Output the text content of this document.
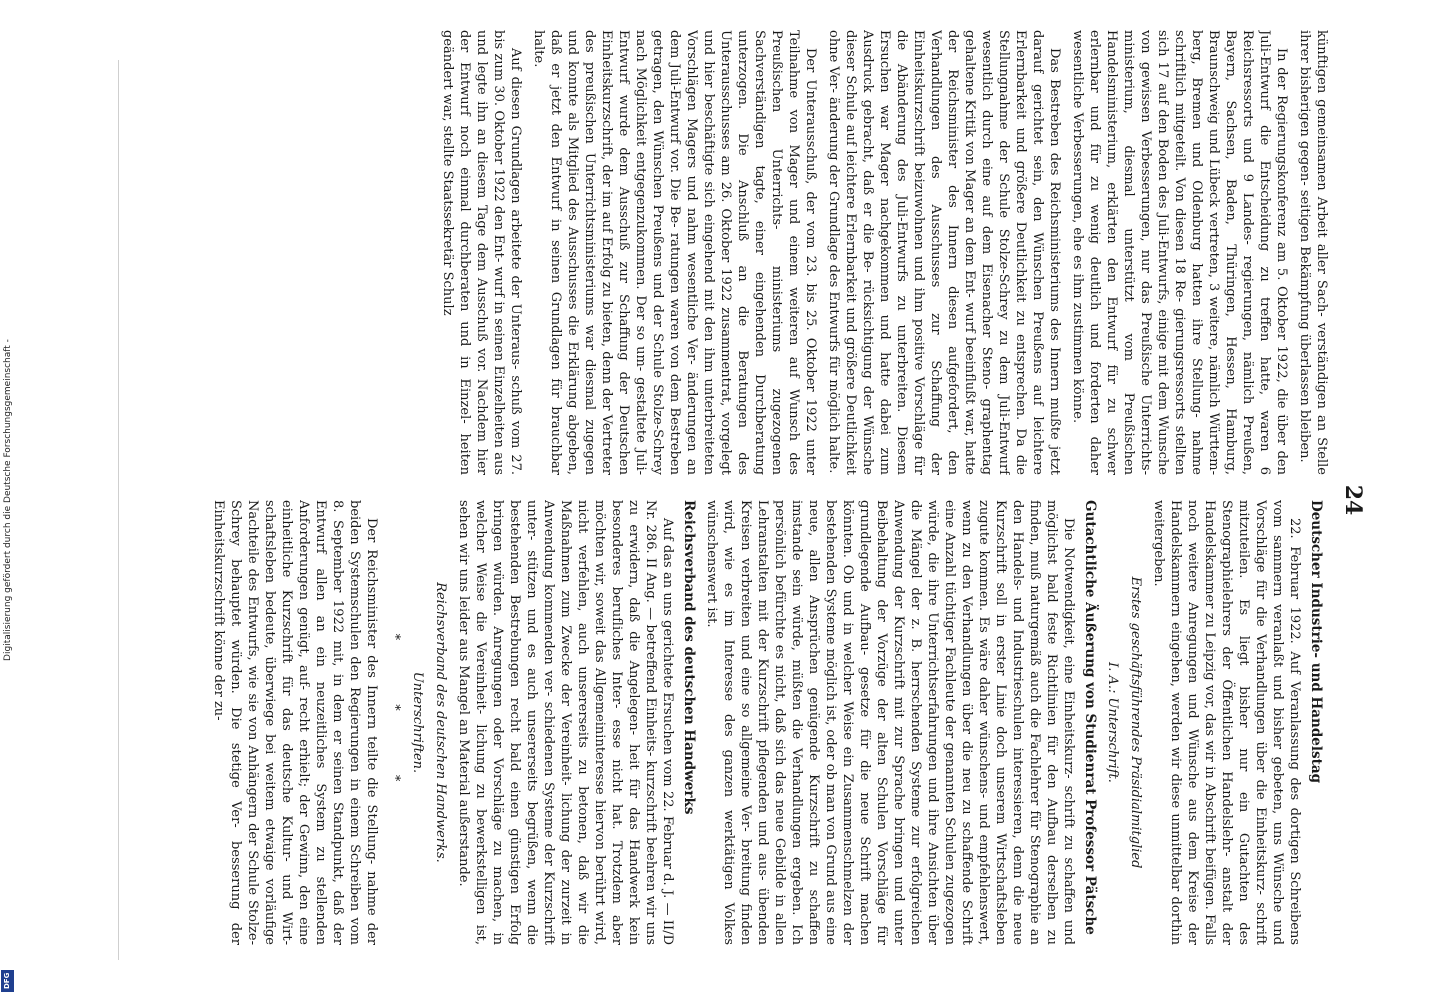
Digitalisierung gefördert durch die Deutsche Forschungsgemeinschaft -
DFG
24

künftigen gemeinsamen Arbeit aller Sach- verständigen an Stelle ihrer bisherigen gegen- seitigen Bekämpfung überlassen bleiben.

In der Regierungskonferenz am 5. Oktober 1922, die über den Juli-Entwurf die Entscheidung zu treffen hatte, waren 6 Reichsressorts und 9 Landes- regierungen, nämlich Preußen, Bayern, Sachsen, Baden, Thüringen, Hessen, Hamburg, Braunschweig und Lübeck vertreten, 3 weitere, nämlich Württem- berg, Bremen und Oldenburg hatten ihre Stellung- nahme schriftlich mitgeteilt. Von diesen 18 Re- gierungsressorts stellten sich 17 auf den Boden des Juli-Entwurfs, einige mit dem Wunsche von gewissen Verbesserungen, nur das Preußische Unterrichts- ministerium, diesmal unterstützt vom Preußischen Handelsministerium, erklärten den Entwurf für zu schwer erlernbar und für zu wenig deutlich und forderten daher wesentliche Verbesserungen, ehe es ihm zustimmen könne.

Das Bestreben des Reichsministeriums des Innern mußte jetzt darauf gerichtet sein, den Wünschen Preußens auf leichtere Erlernbarkeit und größere Deutlichkeit zu entsprechen. Da die Stellungnahme der Schule Stolze-Schrey zu dem Juli-Entwurf wesentlich durch eine auf dem Eisenacher Steno- graphentag gehaltene Kritik von Mager an dem Ent- wurf beeinflußt war, hatte der Reichsminister des Innern diesen aufgefordert, den Verhandlungen des Ausschusses zur Schaffung der Einheitskurzschrift beizuwohnen und ihm positive Vorschläge für die Abänderung des Juli-Entwurfs zu unterbreiten. Diesem Ersuchen war Mager nachgekommen und hatte dabei zum Ausdruck gebracht, daß er die Be- rücksichtigung der Wünsche dieser Schule auf leichtere Erlernbarkeit und größere Deutlichkeit ohne Ver- änderung der Grundlage des Entwurfs für möglich halte.

Der Unterausschuß, der vom 23. bis 25. Oktober 1922 unter Teilnahme von Mager und einem weiteren auf Wunsch des Preußischen Unterrichts- ministeriums zugezogenen Sachverständigen tagte, einer eingehenden Durchberatung unterzogen. Die Anschluß an die Beratungen des Unterausschusses am 26. Oktober 1922 zusammentrat, vorgelegt und hier beschäftigte sich eingehend mit den ihm unterbreiteten Vorschlägen Magers und nahm wesentliche Ver- änderungen an dem Juli-Entwurf vor. Die Be- ratungen waren von dem Bestreben getragen, den Wünschen Preußens und der Schule Stolze-Schrey nach Möglichkeit entgegenzukommen. Der so um- gestaltete Juli-Entwurf wurde dem Ausschuß zur Schaffung der Deutschen Einheitskurzschrift, der im auf Erfolg zu bieten, denn der Vertreter des preußischen Unterrichtsministeriums war diesmal zugegen und konnte als Mitglied des Ausschusses die Erklärung abgeben, daß er jetzt den Entwurf in seinen Grundlagen für brauchbar halte.

Auf diesen Grundlagen arbeitete der Unteraus- schuß vom 27. bis zum 30. Oktober 1922 den Ent- wurf in seinen Einzelheiten aus und legte ihn an diesem Tage dem Ausschuß vor. Nachdem hier der Entwurf noch einmal durchberaten und in Einzel- heiten geändert war, stellte Staatssekretär Schulz

Deutscher Industrie- und Handelstag

22. Februar 1922. Auf Veranlassung des dortigen Schreibens vom sammern veranlaßt und bisher gebeten, uns Wünsche und Vorschläge für die Verhandlungen über die Einheitskurz- schrift mitzuteilen. Es liegt bisher nur ein Gutachten des Stenographielehrers der Öffentlichen Handelslehr- anstalt der Handelskammer zu Leipzig vor, das wir in Abschrift beifügen. Falls noch weitere Anregungen und Wünsche aus dem Kreise der Handelskammern eingehen, werden wir diese unmittelbar dorthin weitergeben.

Erstes geschäftsführendes Präsidialmitglied

I. A.: Unterschrift.

Gutachtliche Äußerung von Studienrat Professor Pätsche

Die Notwendigkeit, eine Einheitskurz- schrift zu schaffen und möglichst bald feste Richtlinien für den Aufbau derselben zu finden, muß naturgemäß auch die Fachlehrer für Stenographie an den Handels- und Industrieschulen interessieren, denn die neue Kurzschrift soll in erster Linie doch unserem Wirtschaftsleben zugute kommen. Es wäre daher wünschens- und empfehlenswert, wenn zu den Verhandlungen über die neu zu schaffende Schrift eine Anzahl tüchtiger Fachleute der genannten Schulen zugezogen würde, die ihre Unterrichtserfahrungen und ihre Ansichten über die Mängel der z. B. herrschenden Systeme zur erfolgreichen Anwendung der Kurzschrift mit zur Sprache bringen und unter Beibehaltung der Vorzüge der alten Schulen Vorschläge für grundlegende Aufbau- gesetze für die neue Schrift machen könnten. Ob und in welcher Weise ein Zusammenschmelzen der bestehenden Systeme möglich ist, oder ob man von Grund aus eine neue, allen Ansprüchen genügende Kurzschrift zu schaffen imstande sein würde, müßten die Verhandlungen ergeben. Ich persönlich befürchte es nicht, daß sich das neue Gebilde in allen Lehranstalten mit der Kurzschrift pflegenden und aus- übenden Kreisen verbreiten und eine so allgemeine Ver- breitung finden wird, wie es im Interesse des ganzen werktätigen Volkes wünschenswert ist.

Reichsverband des deutschen Handwerks

Auf das an uns gerichtete Ersuchen vom 22. Februar d. J. — II/D Nr. 286. II Ang. — betreffend Einheits- kurzschrift beehren wir uns zu erwidern, daß die Angelegen- heit für das Handwerk kein besonderes berufliches Inter- esse nicht hat. Trotzdem aber möchten wir, soweit das Allgemeininteresse hiervon berührt wird, nicht verfehlen, auch unsererseits zu betonen, daß wir die Maßnahmen zum Zwecke der Vereinheit- lichung der zurzeit in Anwendung kommenden ver- schiedenen Systeme der Kurzschrift unter- stützen und es auch unsererseits begrüßen, wenn die bestehenden Bestrebungen recht bald einen günstigen Erfolg bringen würden. Anregungen oder Vorschläge zu machen, in welcher Weise die Vereinheit- lichung zu bewerkstelligen ist, sehen wir uns leider aus Mangel an Material außerstande.

Reichsverband des deutschen Handwerks.

Unterschriften.

* * *

Der Reichsminister des Innern teilte die Stellung- nahme der beiden Systemschulen den Regierungen in einem Schreiben vom 8. September 1922 mit, in dem er seinen Standpunkt, daß der Entwurf allen an ein neuzeitliches System zu stellenden Anforderungen genügt, auf- recht erhielt; der Gewinn, den eine einheitliche Kurzschrift für das deutsche Kultur- und Wirt- schaftsleben bedeute, überwiege bei weitem etwaige vorläufige Nachteile des Entwurfs, wie sie von Anhängern der Schule Stolze- Schrey behauptet würden. Die stetige Ver- besserung der Einheitskurzschrift könne der zu-
